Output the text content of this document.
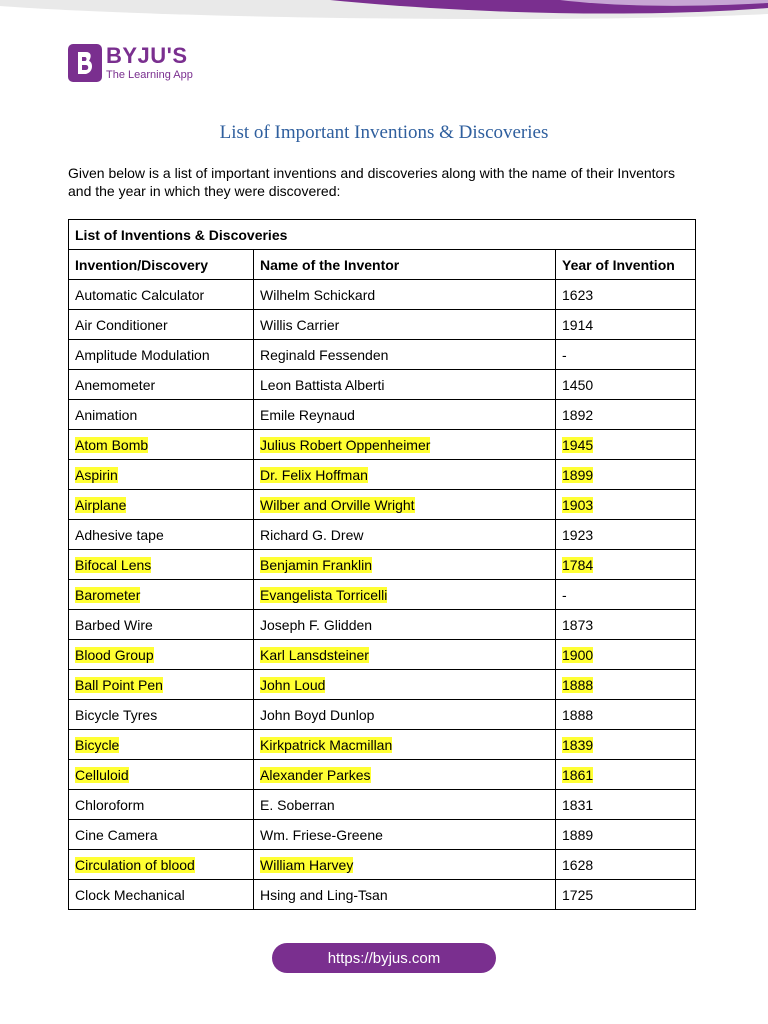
BYJU'S
The Learning App
List of Important Inventions & Discoveries
Given below is a list of important inventions and discoveries along with the name of their Inventors and the year in which they were discovered:
List of Inventions & Discoveries		
Invention/Discovery	Name of the Inventor	Year of Invention
Automatic Calculator	Wilhelm Schickard	1623
Air Conditioner	Willis Carrier	1914
Amplitude Modulation	Reginald Fessenden	-
Anemometer	Leon Battista Alberti	1450
Animation	Emile Reynaud	1892
Atom Bomb	Julius Robert Oppenheimer	1945
Aspirin	Dr. Felix Hoffman	1899
Airplane	Wilber and Orville Wright	1903
Adhesive tape	Richard G. Drew	1923
Bifocal Lens	Benjamin Franklin	1784
Barometer	Evangelista Torricelli	-
Barbed Wire	Joseph F. Glidden	1873
Blood Group	Karl Lansdsteiner	1900
Ball Point Pen	John Loud	1888
Bicycle Tyres	John Boyd Dunlop	1888
Bicycle	Kirkpatrick Macmillan	1839
Celluloid	Alexander Parkes	1861
Chloroform	E. Soberran	1831
Cine Camera	Wm. Friese-Greene	1889
Circulation of blood	William Harvey	1628
Clock Mechanical	Hsing and Ling-Tsan	1725
https://byjus.com
